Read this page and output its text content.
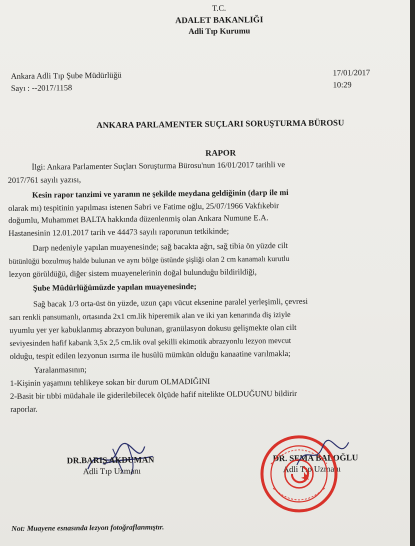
T.C.
ADALET BAKANLIĞI
Adli Tıp Kurumu
Ankara Adli Tıp Şube Müdürlüğü	17/01/2017
Sayı : --2017/1158	10:29
ANKARA PARLAMENTER SUÇLARI SORUŞTURMA BÜROSU
RAPOR
İlgi: Ankara Parlamenter Suçları Soruşturma Bürosu'nun 16/01/2017 tarihli ve
2017/761 sayılı yazısı,
Kesin rapor tanzimi ve yaranın ne şekilde meydana geldiğinin (darp ile mi
olarak mı) tespitinin yapılması istenen Sabri ve Fatime oğlu, 25/07/1966 Vakfıkebir
doğumlu, Muhammet BALTA hakkında düzenlenmiş olan Ankara Numune E.A.
Hastanesinin 12.01.2017 tarih ve 44473 sayılı raporunun tetkikinde;
Darp nedeniyle yapılan muayenesinde; sağ bacakta ağrı, sağ tibia ön yüzde cilt
bütünlüğü bozulmuş halde bulunan ve aynı bölge üstünde şişliği olan 2 cm kanamalı kurutlu
lezyon görüldüğü, diğer sistem muayenelerinin doğal bulunduğu bildirildiği,
Şube Müdürlüğümüzde yapılan muayenesinde;
Sağ bacak 1/3 orta-üst ön yüzde, uzun çapı vücut eksenine paralel yerleşimli, çevresi
sarı renkli pansumanlı, ortasında 2x1 cm.lik hiperemik alan ve iki yan kenarında diş iziyle
uyumlu yer yer kabuklanmış abrazyon bulunan, granülasyon dokusu gelişmekte olan cilt
seviyesinden hafif kabarık 3,5x 2,5 cm.lik oval şekilli ekimotik abrazyonlu lezyon mevcut
olduğu, tespit edilen lezyonun ısırma ile husülü mümkün olduğu kanaatine varılmakla;
Yaralanmasının;
1-Kişinin yaşamını tehlikeye sokan bir durum OLMADIĞINI
2-Basit bir tıbbi müdahale ile giderilebilecek ölçüde hafif nitelikte OLDUĞUNU bildirir
raporlar.
DR.BARIŞ AKDUMAN
Adli Tıp Uzmanı
DR. SEMA BALOĞLU
Adli Tıp Uzmanı
Not: Muayene esnasında lezyon fotoğraflanmıştır.
